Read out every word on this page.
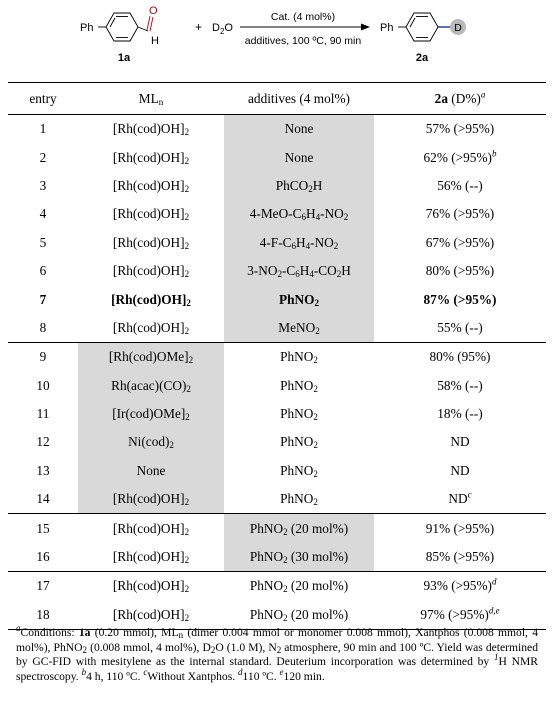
Ph
O
H
1a
+ $D_2O$
Cat. (4 mol%)
additives, 100 ºC, 90 min
Ph	D
2a
entry	$ML_n$	additives (4 mol%)	2a $(D\%)^a$
1	$[Rh(cod)OH]_2$	None	57% (>95%)
2	$[Rh(cod)OH]_2$	None	62% (>95%)$^b$
3	$[Rh(cod)OH]_2$	PhCO$_2$H	56% (--)
4	$[Rh(cod)OH]_2$	$4-MeO-C_6H_4-NO_2$	76% (>95%)
5	$[Rh(cod)OH]_2$	$4-F-C_6H_4-NO_2$	67% (>95%)
6	$[Rh(cod)OH]_2$	$3-NO_2-C_6H_4-CO_2H$	80% (>95%)
7	$[Rh(cod)OH]_2$	PhNO$_2$	87% (>95%)
8	$[Rh(cod)OH]_2$	MeNO$_2$	55% (--)
9	$[Rh(cod)OMe]_2$	PhNO$_2$	80% (95%)
10	$Rh(acac)(CO)_2$	PhNO$_2$	58% (--)
11	$[Ir(cod)OMe]_2$	PhNO$_2$	18% (--)
12	$Ni(cod)_2$	PhNO$_2$	ND
13	None	PhNO$_2$	ND
14	$[Rh(cod)OH]_2$	PhNO$_2$	$ND^c$
15	$[Rh(cod)OH]_2$	PhNO$_2$ (20 mol%)	91% (>95%)
16	$[Rh(cod)OH]_2$	PhNO$_2$ (30 mol%)	85% (>95%)
17	$[Rh(cod)OH]_2$	PhNO$_2$ (20 mol%)	93% (>95%)$^d$
18	$[Rh(cod)OH]_2$	PhNO$_2$ (20 mol%)	97% (>95%)$^{d,e}$
$^a$Conditions: 1a (0.20 mmol), $ML_n$ (dimer 0.004 mmol or monomer 0.008 mmol), Xantphos (0.008 mmol, 4 mol%), PhNO$_2$ (0.008 mmol, 4 mol%), $D_2O$ (1.0 M), $N_2$ atmosphere, 90 min and 100 ºC. Yield was determined by GC-FID with mesitylene as the internal standard. Deuterium incorporation was determined by $^1$H NMR spectroscopy. $^b$4 h, 110 ºC. $^c$Without Xantphos. $^d$110 ºC. $^e$120 min.
